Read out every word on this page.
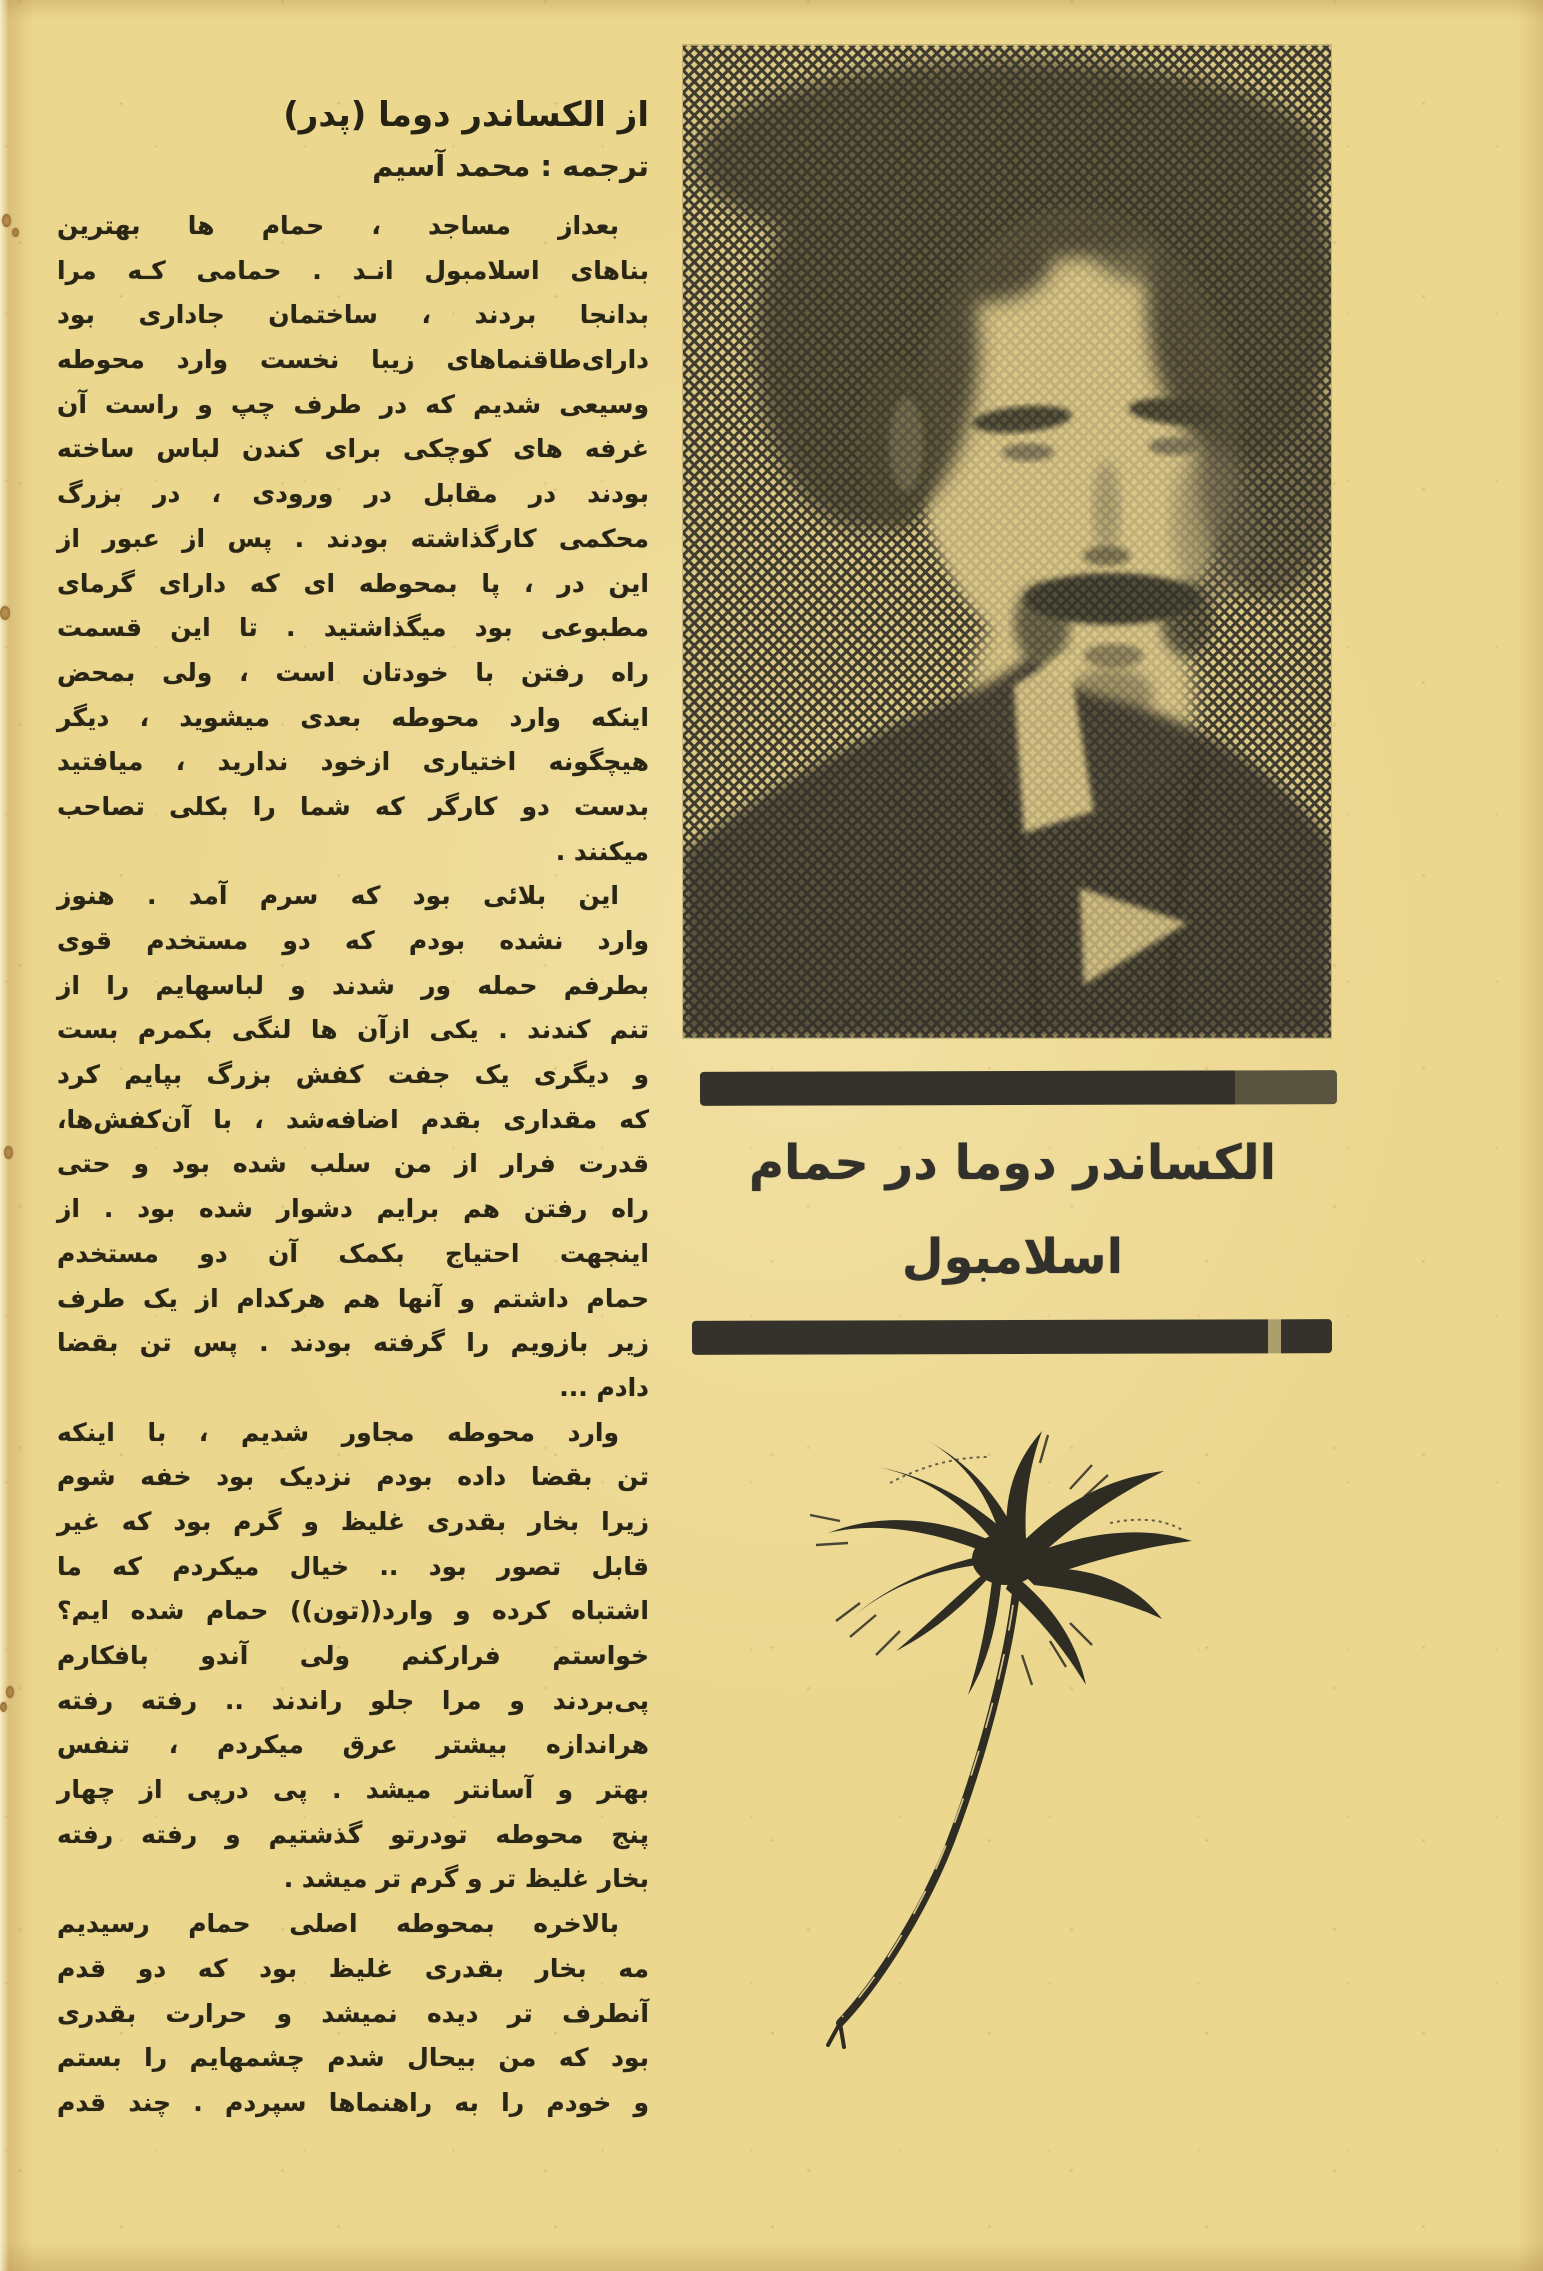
از الکساندر دوما (پدر)
ترجمه : محمد آسیم
بعداز مساجد ، حمام ها بهترین
بناهای اسلامبول انـد . حمامی کـه مرا
بدانجا بردند ، ساختمان جاداری بود
دارای‌طاقنماهای زیبا نخست وارد محوطه
وسیعی شدیم که در طرف چپ و راست آن
غرفه های کوچکی برای کندن لباس ساخته
بودند در مقابل در ورودی ، در بزرگ
محکمی کارگذاشته بودند . پس از عبور از
این در ، پا بمحوطه ای که دارای گرمای
مطبوعی بود میگذاشتید . تا این قسمت
راه رفتن با خودتان است ، ولی بمحض
اینکه وارد محوطه بعدی میشوید ، دیگر
هیچگونه اختیاری ازخود ندارید ، میافتید
بدست دو کارگر که شما را بکلی تصاحب
میکنند .
این بلائی بود که سرم آمد . هنوز
وارد نشده بودم که دو مستخدم قوی
بطرفم حمله ور شدند و لباسهایم را از
تنم کندند . یکی ازآن ها لنگی بکمرم بست
و دیگری یک جفت کفش بزرگ بپایم کرد
که مقداری بقدم اضافه‌شد ، با آن‌کفش‌ها،
قدرت فرار از من سلب شده بود و حتی
راه رفتن هم برایم دشوار شده بود . از
اینجهت احتیاج بکمک آن دو مستخدم
حمام داشتم و آنها هم هرکدام از یک طرف
زیر بازویم را گرفته بودند . پس تن بقضا
دادم ...
وارد محوطه مجاور شدیم ، با اینکه
تن بقضا داده بودم نزدیک بود خفه شوم
زیرا بخار بقدری غلیظ و گرم بود که غیر
قابل تصور بود .. خیال میکردم که ما
اشتباه کرده و وارد((تون)) حمام شده ایم؟
خواستم فرارکنم ولی آندو بافکارم
پی‌بردند و مرا جلو راندند .. رفته رفته
هراندازه بیشتر عرق میکردم ، تنفس
بهتر و آسانتر میشد . پی درپی از چهار
پنج محوطه تودرتو گذشتیم و رفته رفته
بخار غلیظ تر و گرم تر میشد .
بالاخره بمحوطه اصلی حمام رسیدیم
مه بخار بقدری غلیظ بود که دو قدم
آنطرف تر دیده نمیشد و حرارت بقدری
بود که من بیحال شدم چشمهایم را بستم
و خودم را به راهنماها سپردم . چند قدم
الکساندر دوما در حمام
اسلامبول
